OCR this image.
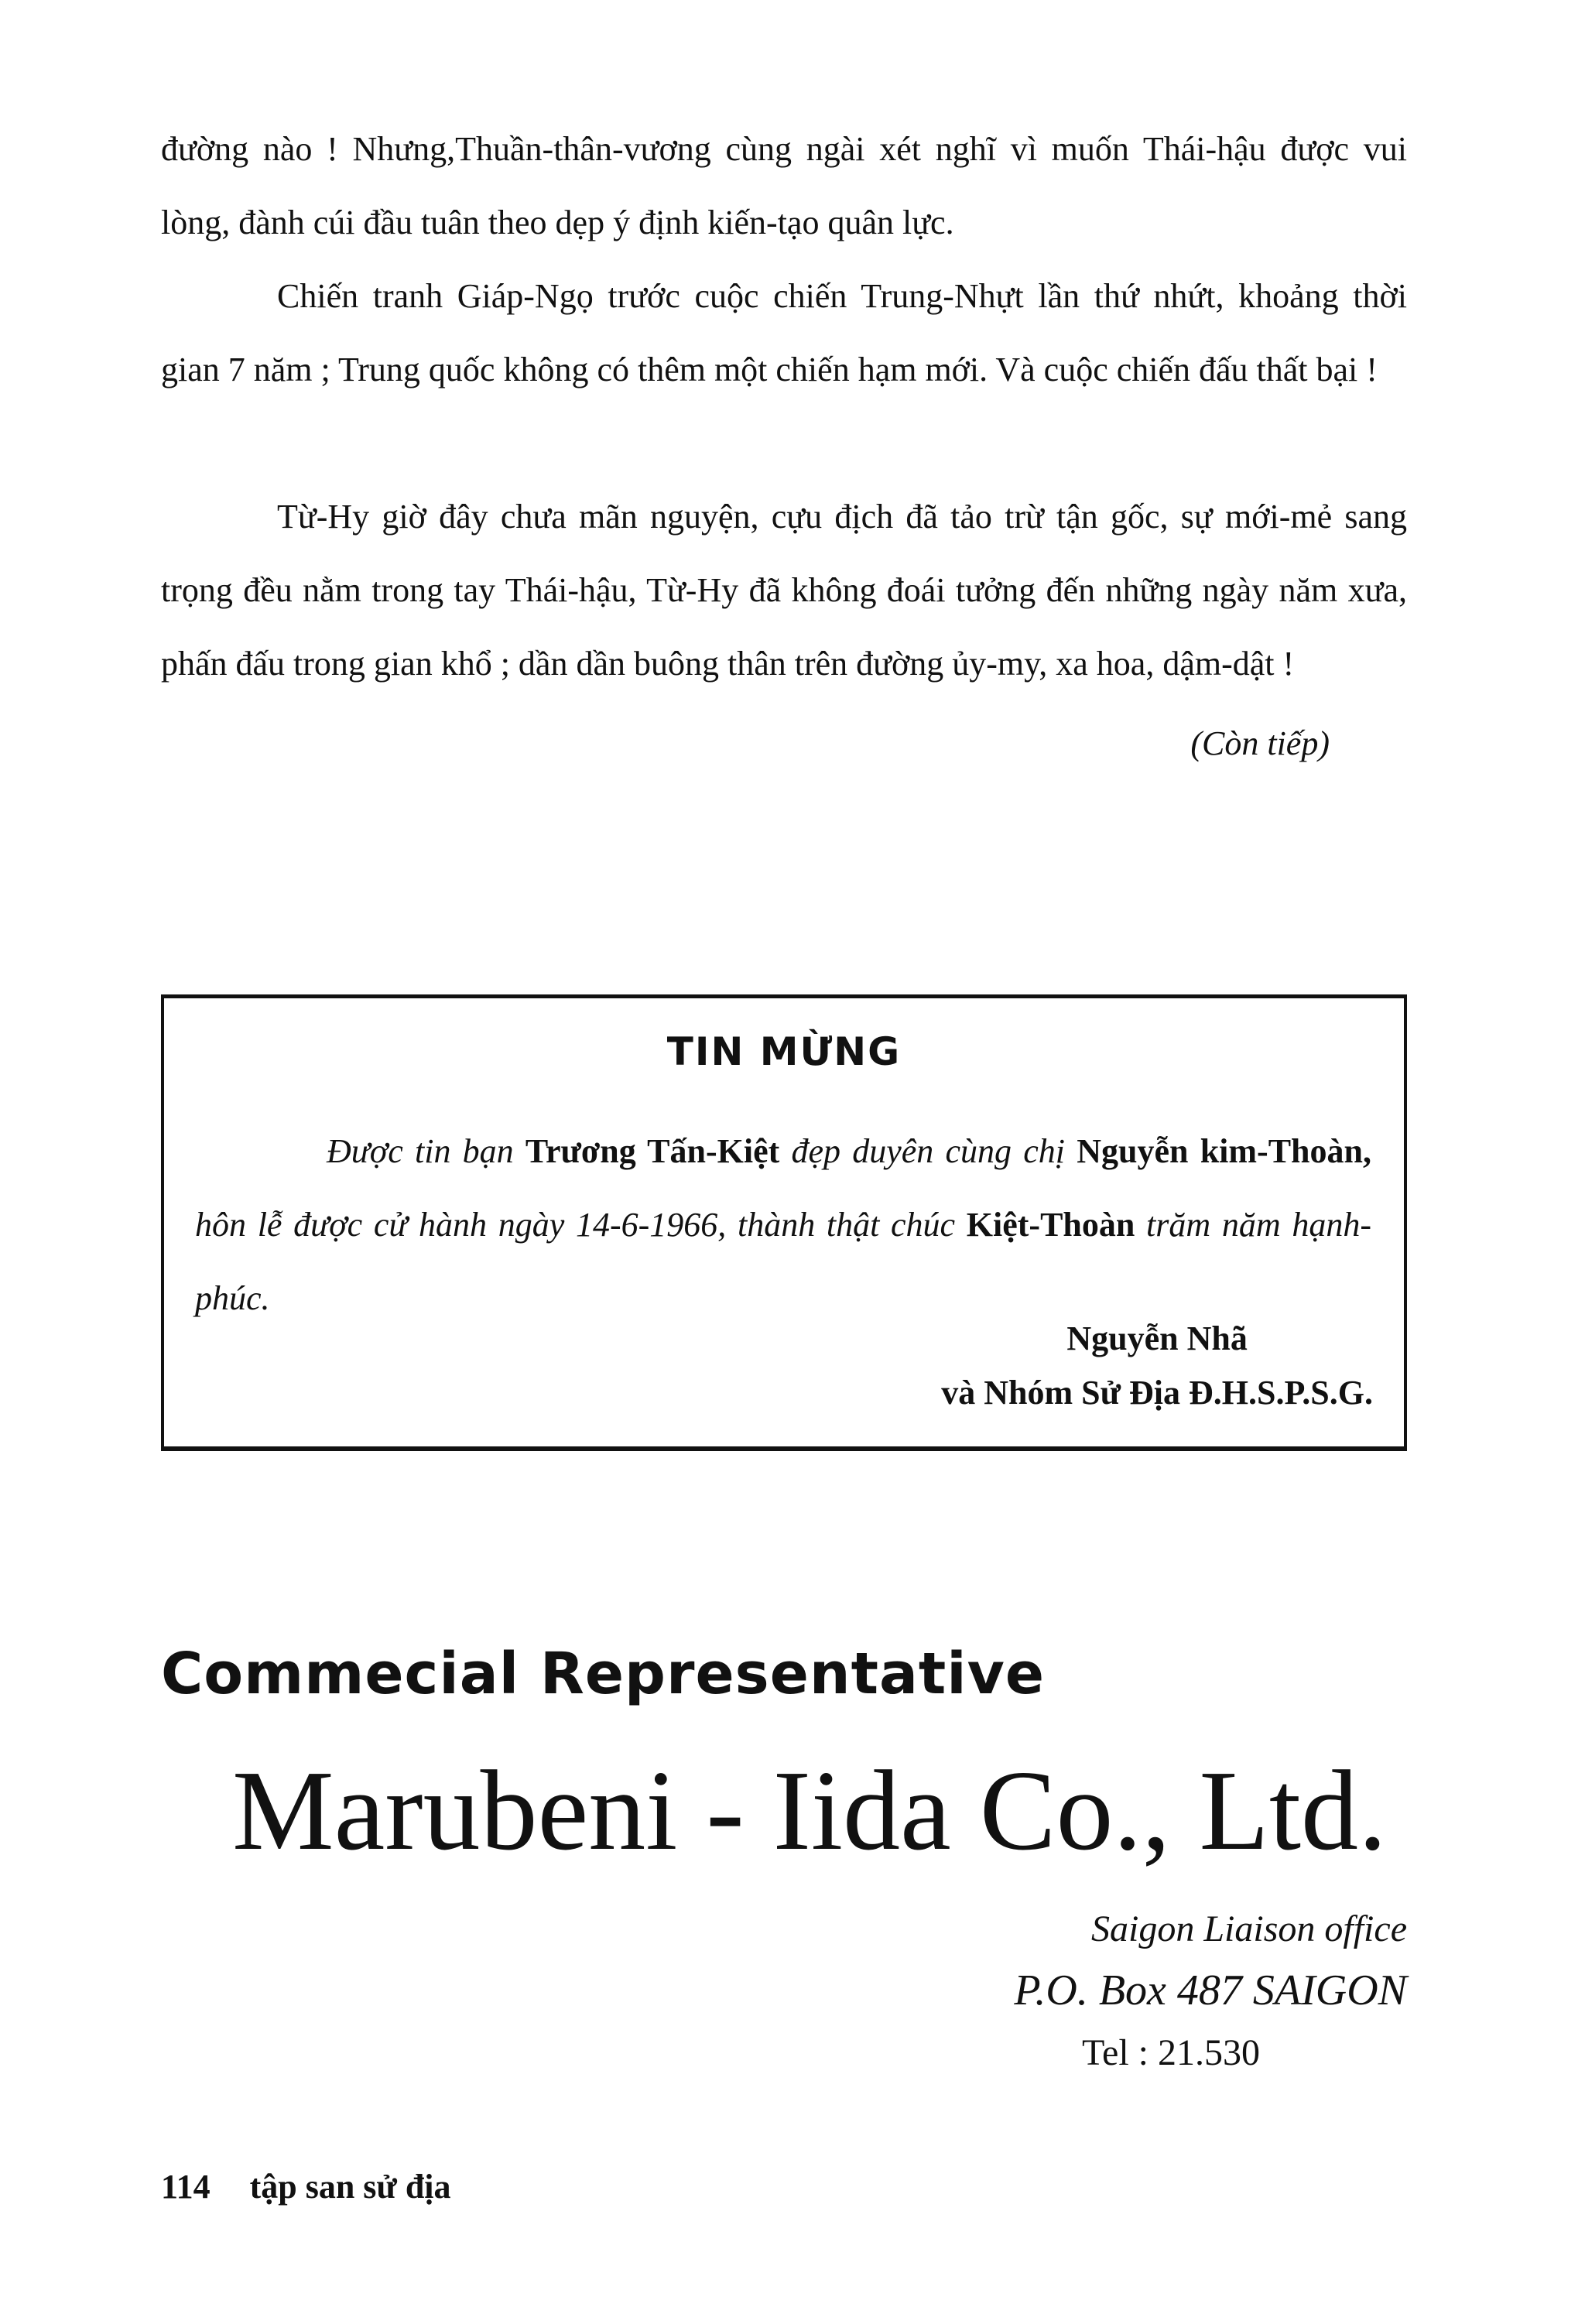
đường nào ! Nhưng,Thuần-thân-vương cùng ngài xét nghĩ vì muốn Thái-hậu được vui lòng, đành cúi đầu tuân theo dẹp ý định kiến-tạo quân lực.

Chiến tranh Giáp-Ngọ trước cuộc chiến Trung-Nhựt lần thứ nhứt, khoảng thời gian 7 năm ; Trung quốc không có thêm một chiến hạm mới. Và cuộc chiến đấu thất bại !

Từ-Hy giờ đây chưa mãn nguyện, cựu địch đã tảo trừ tận gốc, sự mới-mẻ sang trọng đều nằm trong tay Thái-hậu, Từ-Hy đã không đoái tưởng đến những ngày năm xưa, phấn đấu trong gian khổ ; dần dần buông thân trên đường ủy-my, xa hoa, dậm-dật !

(Còn tiếp)
TIN MỪNG

Được tin bạn Trương Tấn-Kiệt đẹp duyên cùng chị Nguyễn kim-Thoàn, hôn lễ được cử hành ngày 14-6-1966, thành thật chúc Kiệt-Thoàn trăm năm hạnh-phúc.

Nguyễn Nhã
và Nhóm Sử Địa Đ.H.S.P.S.G.
Commecial Representative
Marubeni - Iida Co., Ltd.
Saigon Liaison office
P.O. Box 487 SAIGON
Tel : 21.530
114 tập san sử địa
